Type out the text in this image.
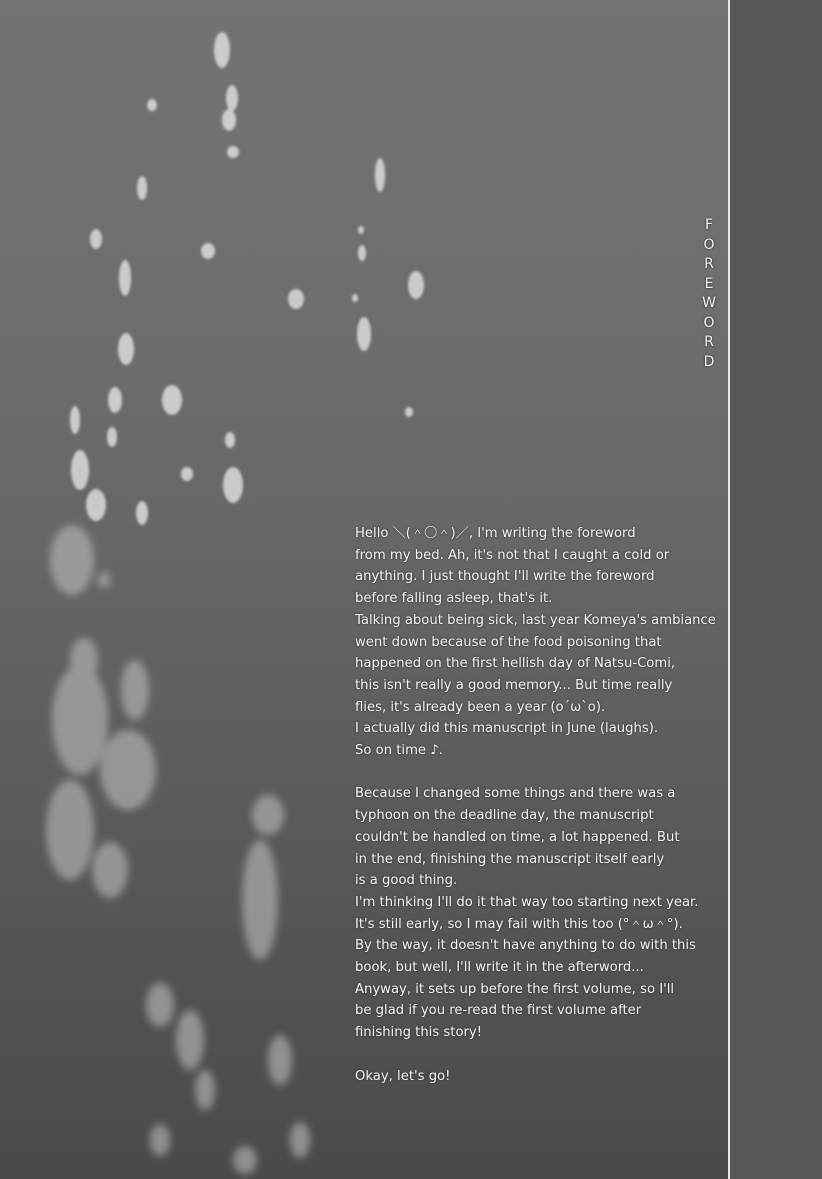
FOREWORD
Hello ＼(＾〇＾)／, I'm writing the foreword
from my bed. Ah, it's not that I caught a cold or
anything. I just thought I'll write the foreword
before falling asleep, that's it.
Talking about being sick, last year Komeya's ambiance
went down because of the food poisoning that
happened on the first hellish day of Natsu-Comi,
this isn't really a good memory... But time really
flies, it's already been a year (o´ω`o).
I actually did this manuscript in June (laughs).
So on time ♪.
Because I changed some things and there was a
typhoon on the deadline day, the manuscript
couldn't be handled on time, a lot happened. But
in the end, finishing the manuscript itself early
is a good thing.
I'm thinking I'll do it that way too starting next year.
It's still early, so I may fail with this too (°＾ω＾°).
By the way, it doesn't have anything to do with this
book, but well, I'll write it in the afterword...
Anyway, it sets up before the first volume, so I'll
be glad if you re-read the first volume after
finishing this story!
Okay, let's go!
